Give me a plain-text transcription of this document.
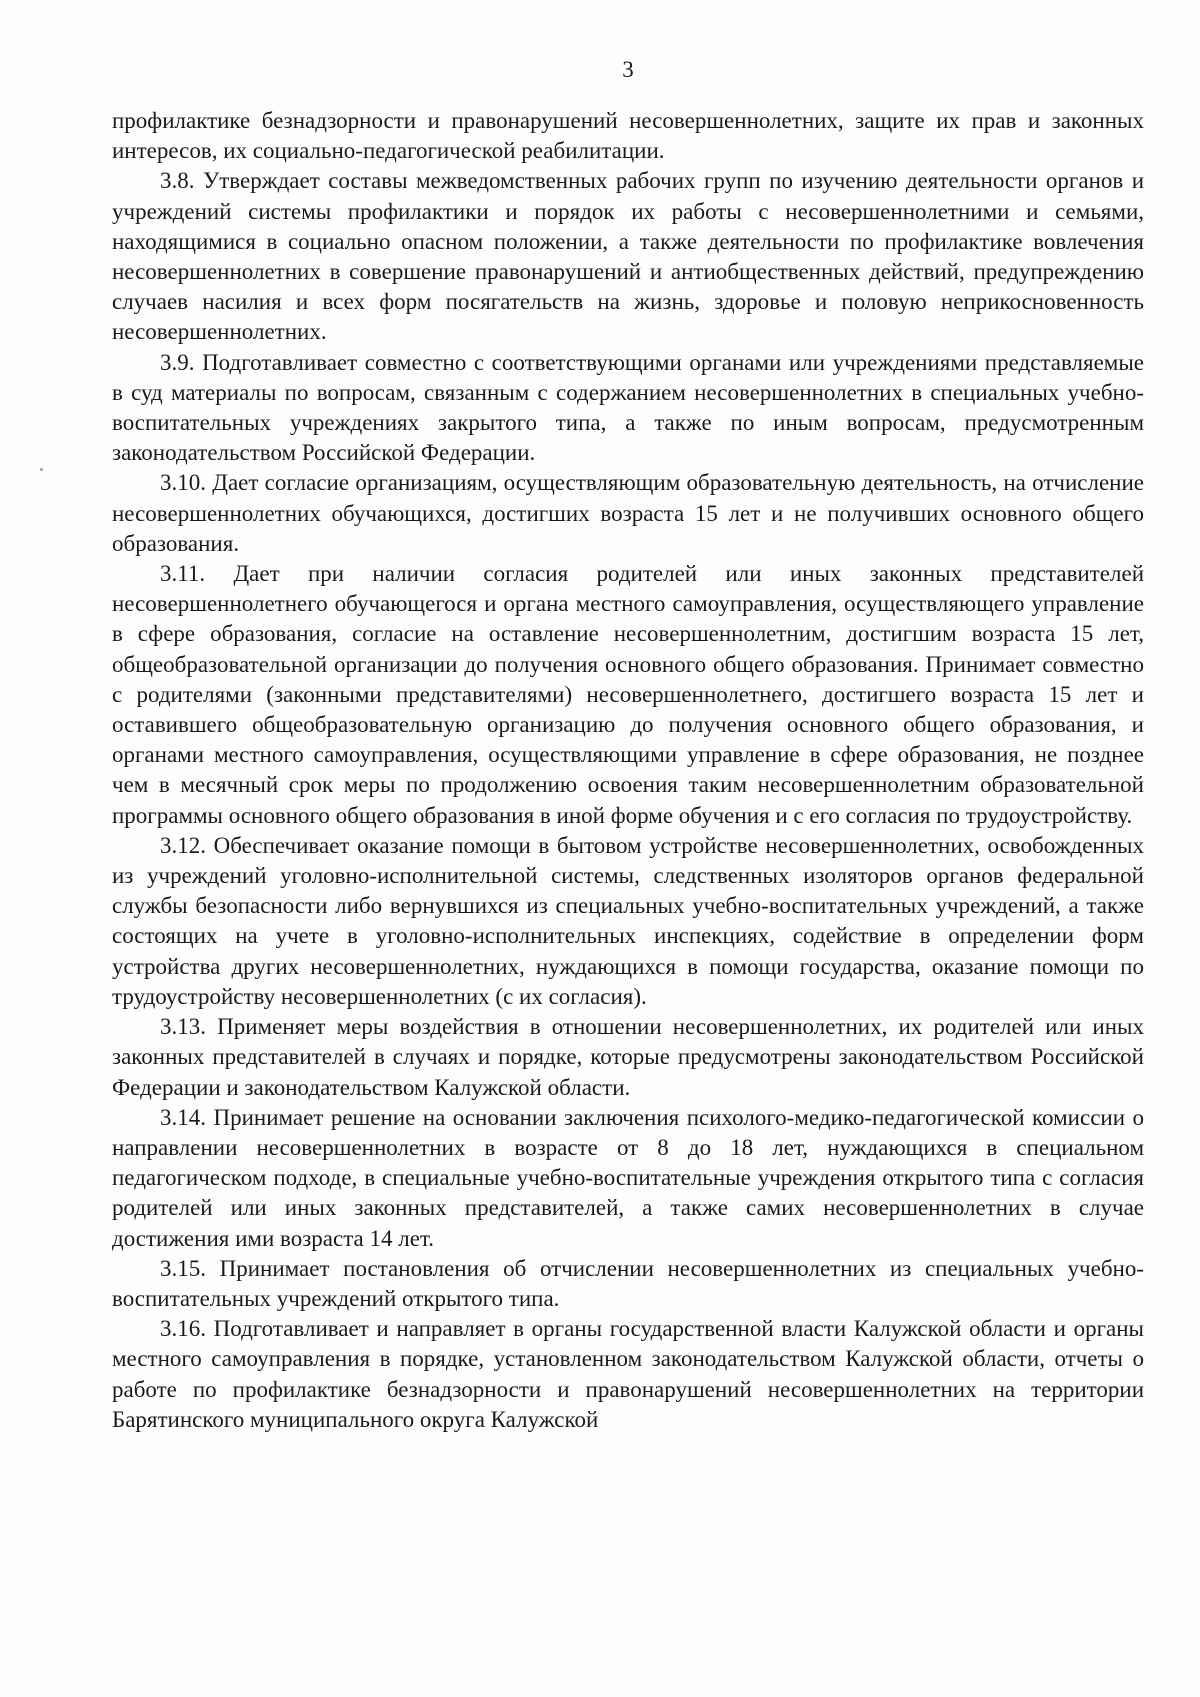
3

профилактике безнадзорности и правонарушений несовершеннолетних, защите их прав и законных интересов, их социально-педагогической реабилитации.

3.8. Утверждает составы межведомственных рабочих групп по изучению деятельности органов и учреждений системы профилактики и порядок их работы с несовершеннолетними и семьями, находящимися в социально опасном положении, а также деятельности по профилактике вовлечения несовершеннолетних в совершение правонарушений и антиобщественных действий, предупреждению случаев насилия и всех форм посягательств на жизнь, здоровье и половую неприкосновенность несовершеннолетних.

3.9. Подготавливает совместно с соответствующими органами или учреждениями представляемые в суд материалы по вопросам, связанным с содержанием несовершеннолетних в специальных учебно-воспитательных учреждениях закрытого типа, а также по иным вопросам, предусмотренным законодательством Российской Федерации.

3.10. Дает согласие организациям, осуществляющим образовательную деятельность, на отчисление несовершеннолетних обучающихся, достигших возраста 15 лет и не получивших основного общего образования.

3.11. Дает при наличии согласия родителей или иных законных представителей несовершеннолетнего обучающегося и органа местного самоуправления, осуществляющего управление в сфере образования, согласие на оставление несовершеннолетним, достигшим возраста 15 лет, общеобразовательной организации до получения основного общего образования. Принимает совместно с родителями (законными представителями) несовершеннолетнего, достигшего возраста 15 лет и оставившего общеобразовательную организацию до получения основного общего образования, и органами местного самоуправления, осуществляющими управление в сфере образования, не позднее чем в месячный срок меры по продолжению освоения таким несовершеннолетним образовательной программы основного общего образования в иной форме обучения и с его согласия по трудоустройству.

3.12. Обеспечивает оказание помощи в бытовом устройстве несовершеннолетних, освобожденных из учреждений уголовно-исполнительной системы, следственных изоляторов органов федеральной службы безопасности либо вернувшихся из специальных учебно-воспитательных учреждений, а также состоящих на учете в уголовно-исполнительных инспекциях, содействие в определении форм устройства других несовершеннолетних, нуждающихся в помощи государства, оказание помощи по трудоустройству несовершеннолетних (с их согласия).

3.13. Применяет меры воздействия в отношении несовершеннолетних, их родителей или иных законных представителей в случаях и порядке, которые предусмотрены законодательством Российской Федерации и законодательством Калужской области.

3.14. Принимает решение на основании заключения психолого-медико-педагогической комиссии о направлении несовершеннолетних в возрасте от 8 до 18 лет, нуждающихся в специальном педагогическом подходе, в специальные учебно-воспитательные учреждения открытого типа с согласия родителей или иных законных представителей, а также самих несовершеннолетних в случае достижения ими возраста 14 лет.

3.15. Принимает постановления об отчислении несовершеннолетних из специальных учебно-воспитательных учреждений открытого типа.

3.16. Подготавливает и направляет в органы государственной власти Калужской области и органы местного самоуправления в порядке, установленном законодательством Калужской области, отчеты о работе по профилактике безнадзорности и правонарушений несовершеннолетних на территории Барятинского муниципального округа Калужской
